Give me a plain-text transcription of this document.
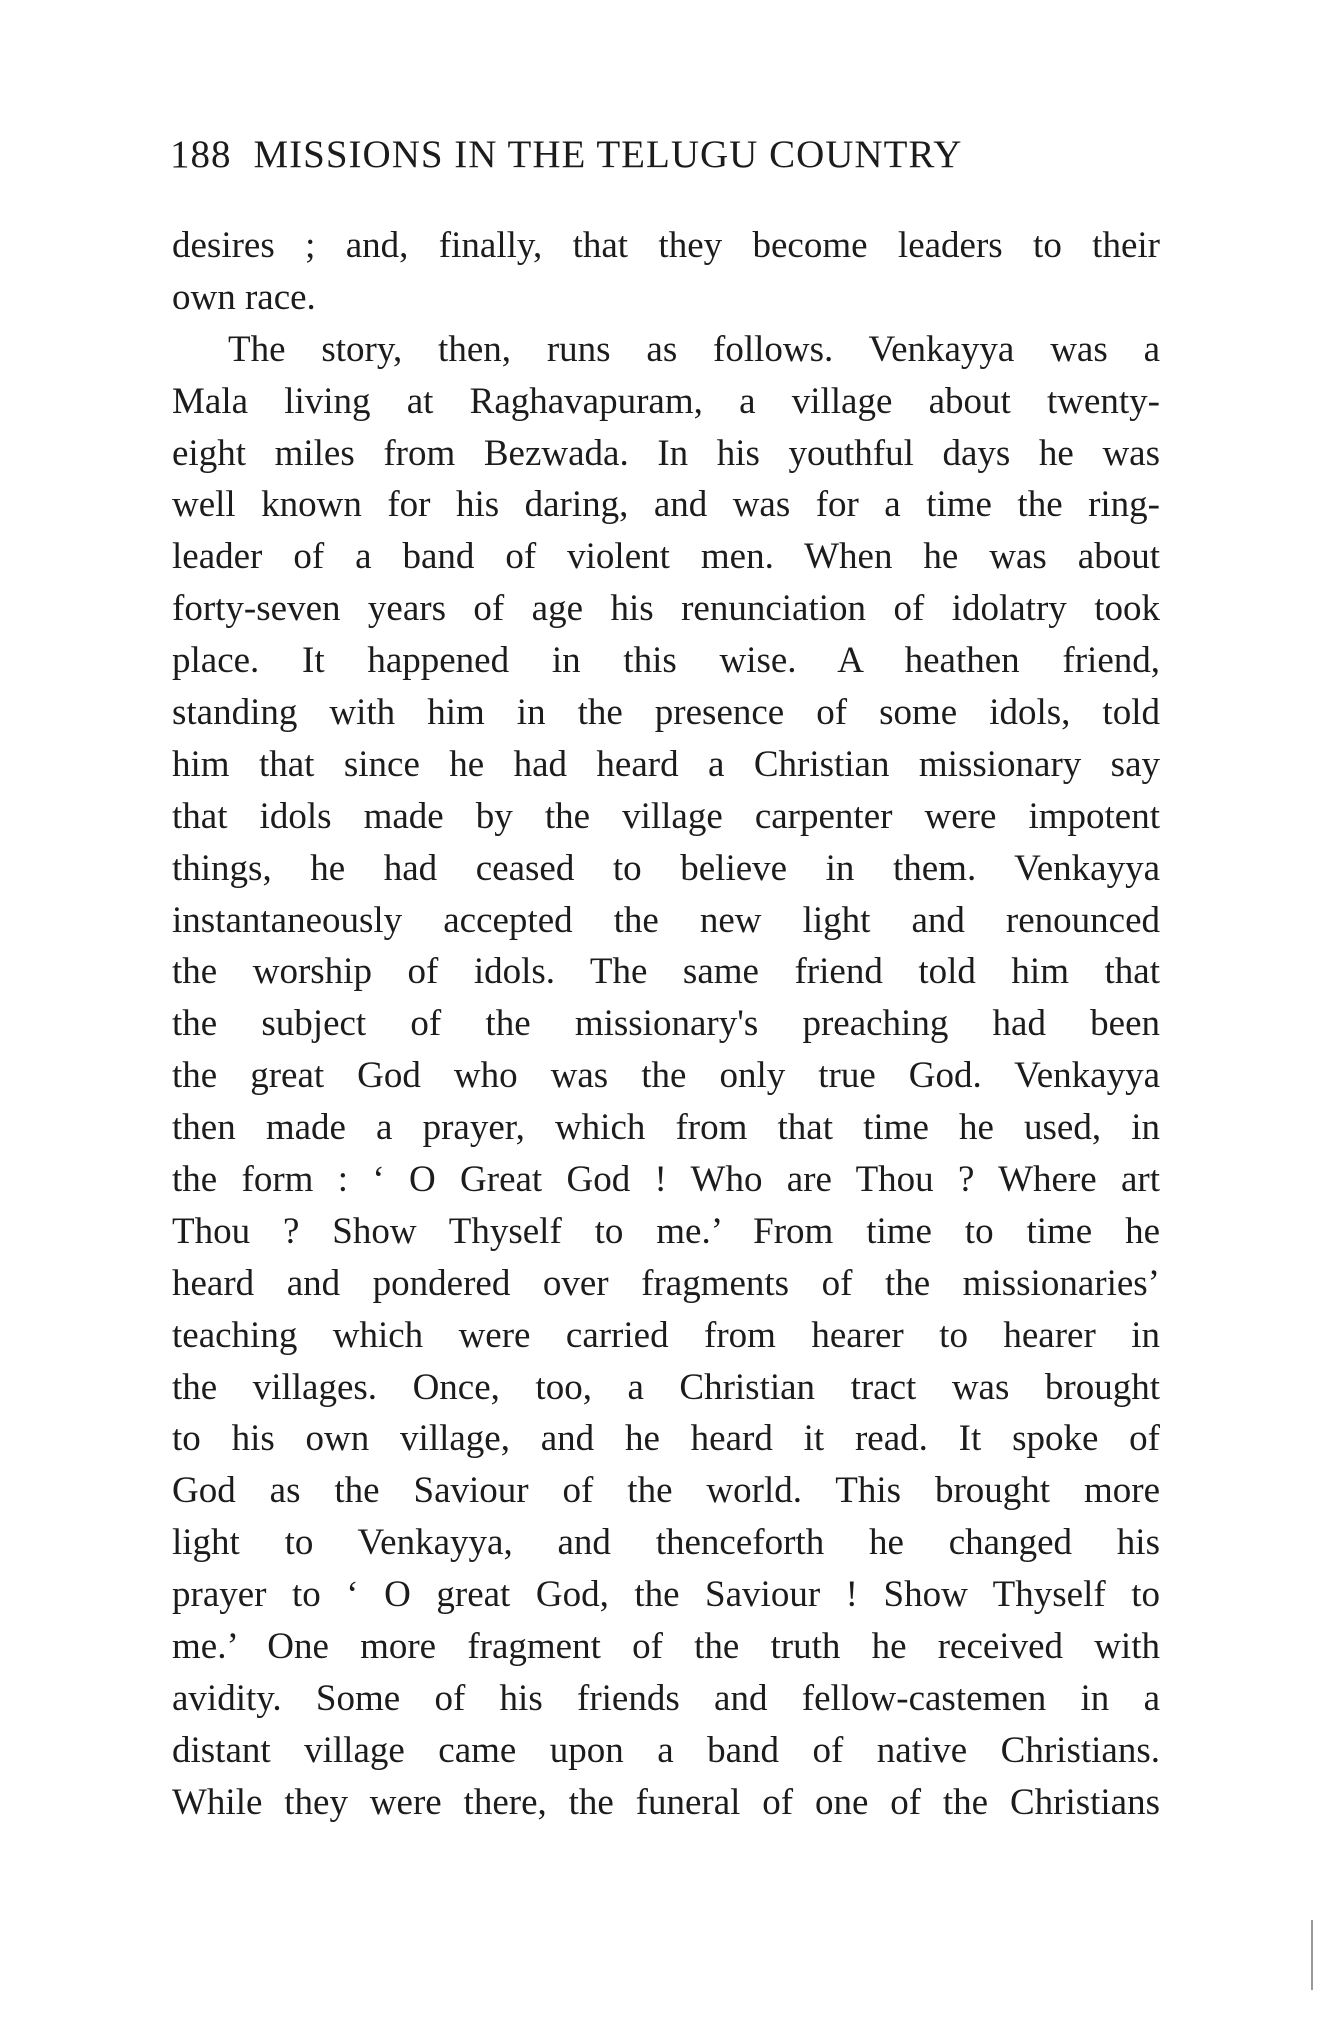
188 MISSIONS IN THE TELUGU COUNTRY
desires ; and, finally, that they become leaders to their
own race.
The story, then, runs as follows. Venkayya was a
Mala living at Raghavapuram, a village about twenty-
eight miles from Bezwada. In his youthful days he was
well known for his daring, and was for a time the ring-
leader of a band of violent men. When he was about
forty-seven years of age his renunciation of idolatry took
place. It happened in this wise. A heathen friend,
standing with him in the presence of some idols, told
him that since he had heard a Christian missionary say
that idols made by the village carpenter were impotent
things, he had ceased to believe in them. Venkayya
instantaneously accepted the new light and renounced
the worship of idols. The same friend told him that
the subject of the missionary's preaching had been
the great God who was the only true God. Venkayya
then made a prayer, which from that time he used, in
the form : ‘ O Great God ! Who are Thou ? Where art
Thou ? Show Thyself to me.’ From time to time he
heard and pondered over fragments of the missionaries’
teaching which were carried from hearer to hearer in
the villages. Once, too, a Christian tract was brought
to his own village, and he heard it read. It spoke of
God as the Saviour of the world. This brought more
light to Venkayya, and thenceforth he changed his
prayer to ‘ O great God, the Saviour ! Show Thyself to
me.’ One more fragment of the truth he received with
avidity. Some of his friends and fellow-castemen in a
distant village came upon a band of native Christians.
While they were there, the funeral of one of the Christians
